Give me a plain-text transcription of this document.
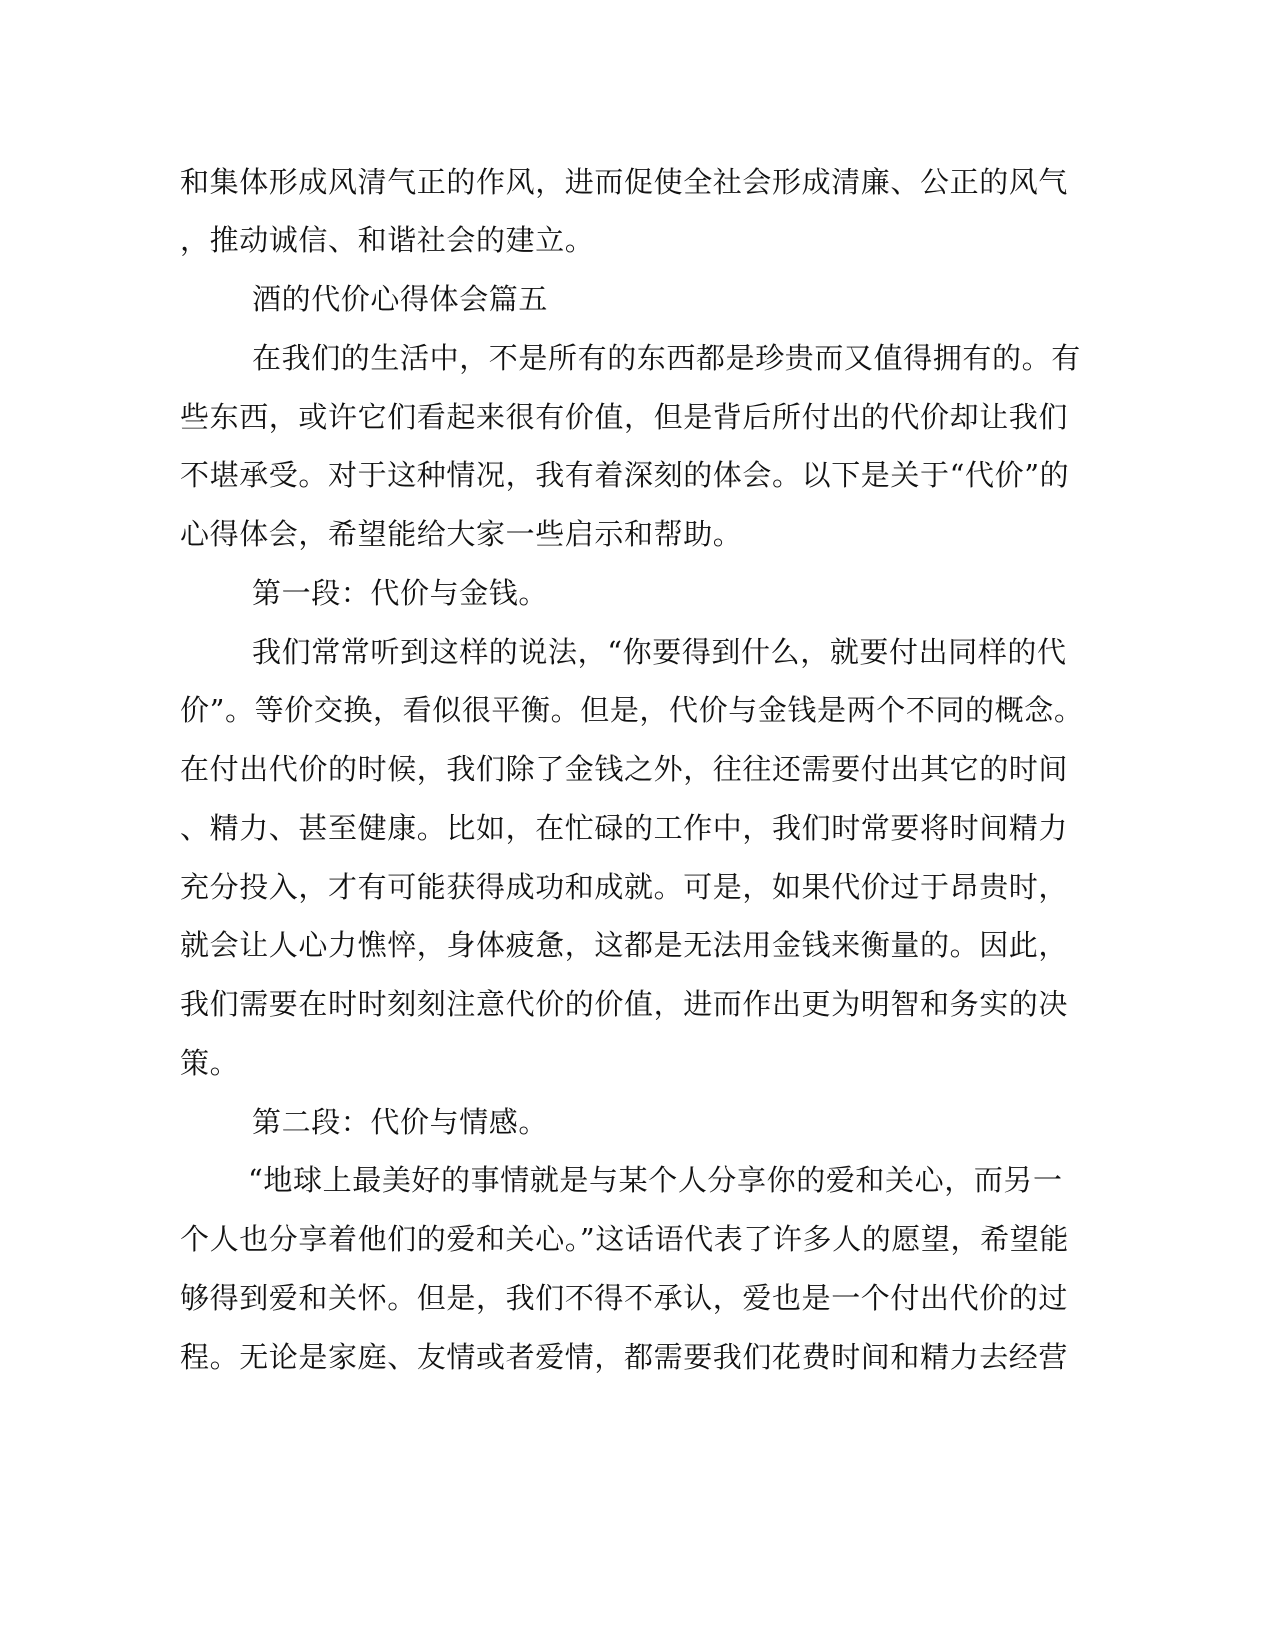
和集体形成风清气正的作风，进而促使全社会形成清廉、公正的风气
，推动诚信、和谐社会的建立。
酒的代价心得体会篇五
在我们的生活中，不是所有的东西都是珍贵而又值得拥有的。有
些东西，或许它们看起来很有价值，但是背后所付出的代价却让我们
不堪承受。对于这种情况，我有着深刻的体会。以下是关于“代价”的
心得体会，希望能给大家一些启示和帮助。
第一段：代价与金钱。
我们常常听到这样的说法，“你要得到什么，就要付出同样的代
价”。等价交换，看似很平衡。但是，代价与金钱是两个不同的概念。
在付出代价的时候，我们除了金钱之外，往往还需要付出其它的时间
、精力、甚至健康。比如，在忙碌的工作中，我们时常要将时间精力
充分投入，才有可能获得成功和成就。可是，如果代价过于昂贵时，
就会让人心力憔悴，身体疲惫，这都是无法用金钱来衡量的。因此，
我们需要在时时刻刻注意代价的价值，进而作出更为明智和务实的决
策。
第二段：代价与情感。
“地球上最美好的事情就是与某个人分享你的爱和关心，而另一
个人也分享着他们的爱和关心。”这话语代表了许多人的愿望，希望能
够得到爱和关怀。但是，我们不得不承认，爱也是一个付出代价的过
程。无论是家庭、友情或者爱情，都需要我们花费时间和精力去经营
